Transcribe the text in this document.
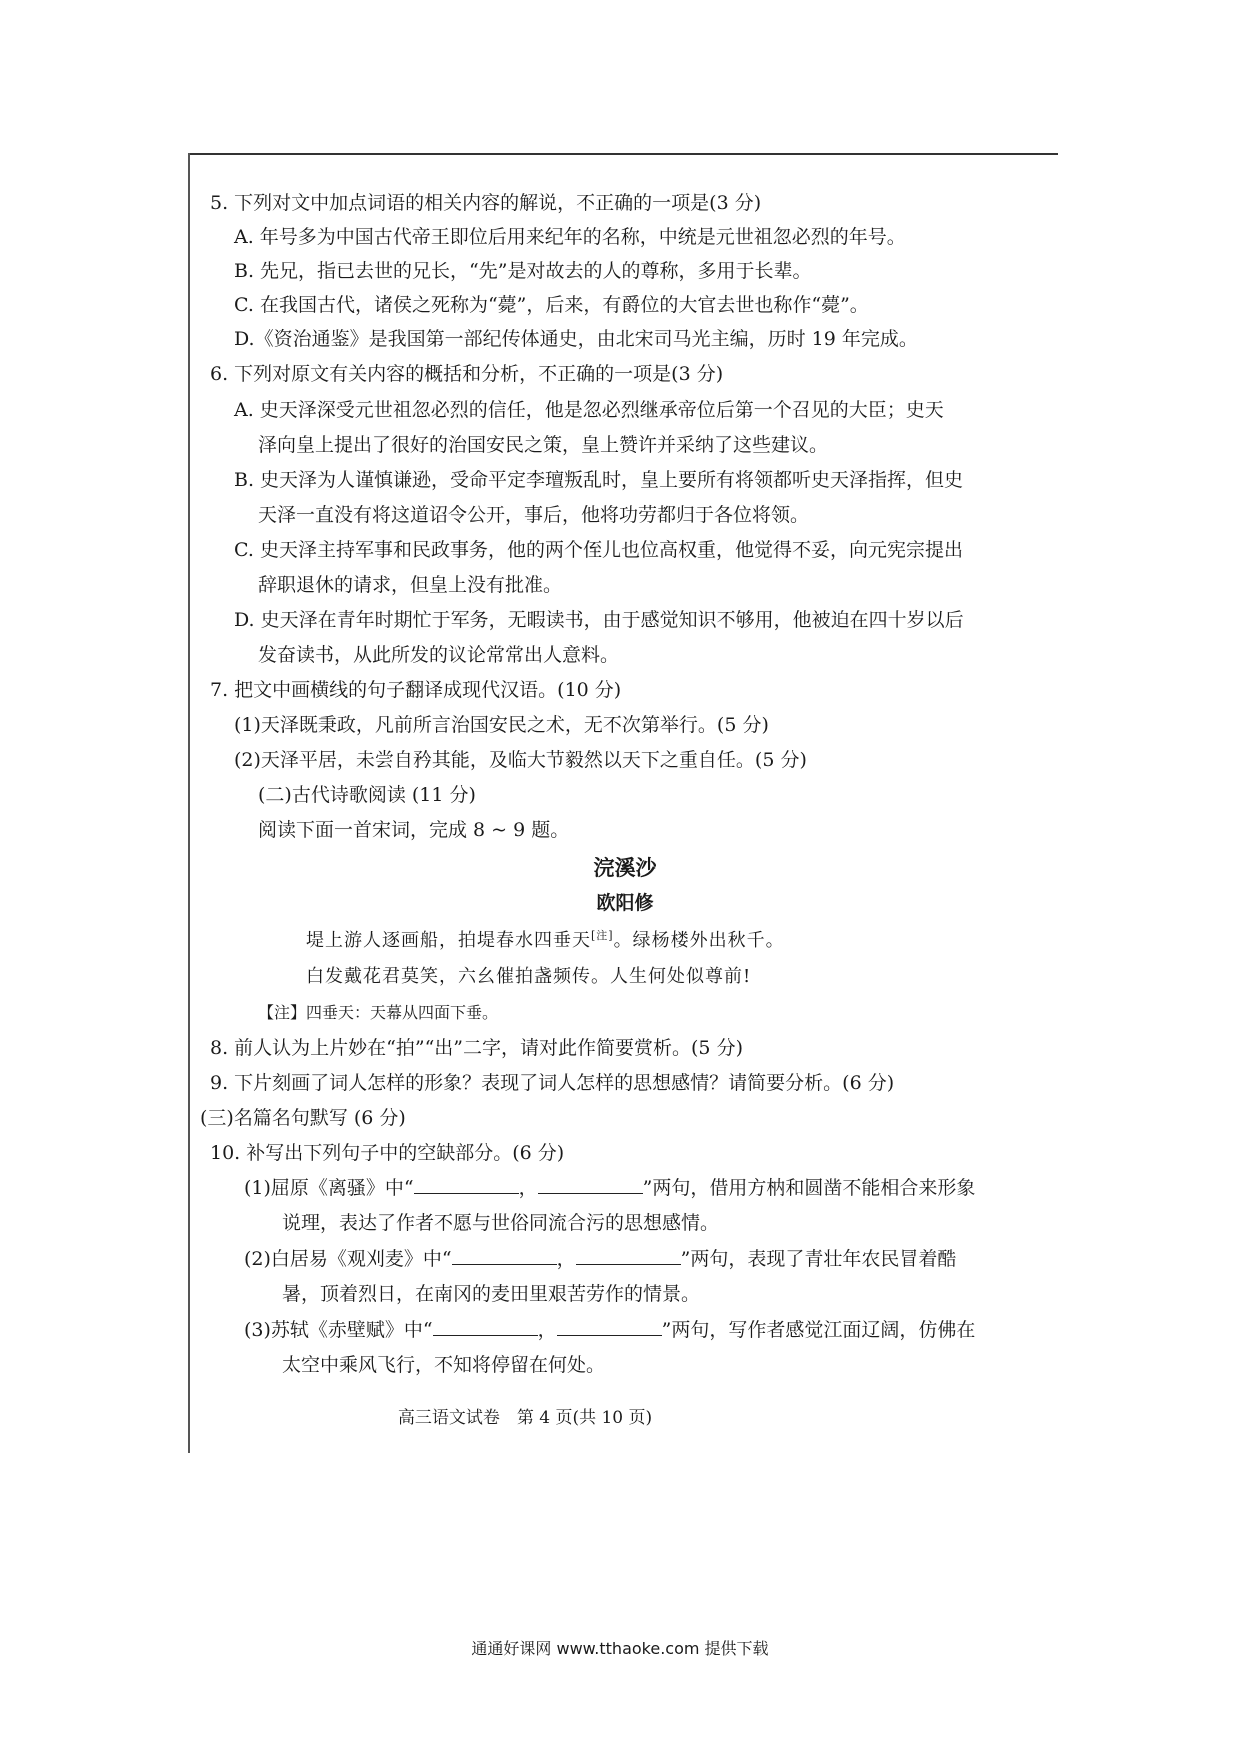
5. 下列对文中加点词语的相关内容的解说，不正确的一项是(3 分)
A. 年号多为中国古代帝王即位后用来纪年的名称，中统是元世祖忽必烈的年号。
B. 先兄，指已去世的兄长，“先”是对故去的人的尊称，多用于长辈。
C. 在我国古代，诸侯之死称为“薨”，后来，有爵位的大官去世也称作“薨”。
D.《资治通鉴》是我国第一部纪传体通史，由北宋司马光主编，历时 19 年完成。
6. 下列对原文有关内容的概括和分析，不正确的一项是(3 分)
A. 史天泽深受元世祖忽必烈的信任，他是忽必烈继承帝位后第一个召见的大臣；史天
泽向皇上提出了很好的治国安民之策，皇上赞许并采纳了这些建议。
B. 史天泽为人谨慎谦逊，受命平定李璮叛乱时，皇上要所有将领都听史天泽指挥，但史
天泽一直没有将这道诏令公开，事后，他将功劳都归于各位将领。
C. 史天泽主持军事和民政事务，他的两个侄儿也位高权重，他觉得不妥，向元宪宗提出
辞职退休的请求，但皇上没有批准。
D. 史天泽在青年时期忙于军务，无暇读书，由于感觉知识不够用，他被迫在四十岁以后
发奋读书，从此所发的议论常常出人意料。
7. 把文中画横线的句子翻译成现代汉语。(10 分)
(1)天泽既秉政，凡前所言治国安民之术，无不次第举行。(5 分)
(2)天泽平居，未尝自矜其能，及临大节毅然以天下之重自任。(5 分)
(二)古代诗歌阅读 (11 分)
阅读下面一首宋词，完成 8 ~ 9 题。
浣溪沙
欧阳修
堤上游人逐画船，拍堤春水四垂天[注]。绿杨楼外出秋千。
白发戴花君莫笑，六幺催拍盏频传。人生何处似尊前!
【注】四垂天：天幕从四面下垂。
8. 前人认为上片妙在“拍”“出”二字，请对此作简要赏析。(5 分)
9. 下片刻画了词人怎样的形象？表现了词人怎样的思想感情？请简要分析。(6 分)
(三)名篇名句默写 (6 分)
10. 补写出下列句子中的空缺部分。(6 分)
(1)屈原《离骚》中“	，	”两句，借用方枘和圆凿不能相合来形象
说理，表达了作者不愿与世俗同流合污的思想感情。
(2)白居易《观刈麦》中“	，	”两句，表现了青壮年农民冒着酷
暑，顶着烈日，在南冈的麦田里艰苦劳作的情景。
(3)苏轼《赤壁赋》中“	，	”两句，写作者感觉江面辽阔，仿佛在
太空中乘风飞行，不知将停留在何处。
高三语文试卷　第 4 页(共 10 页)
通通好课网 www.tthaoke.com 提供下载
